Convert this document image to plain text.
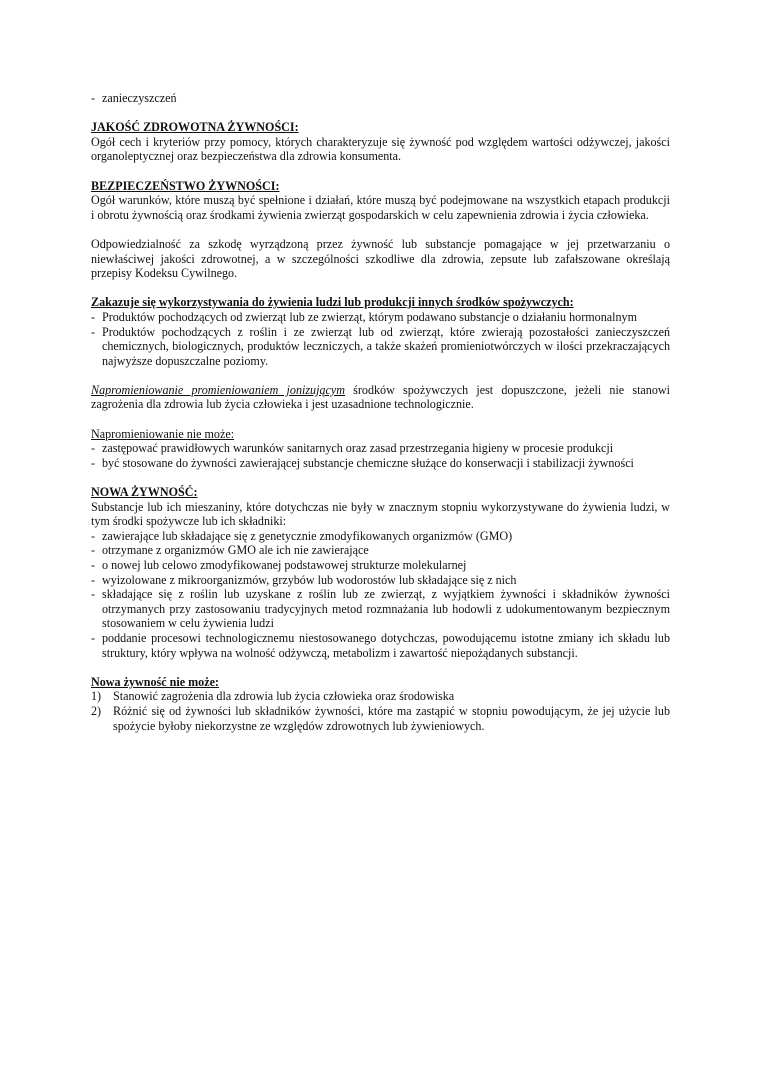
- zanieczyszczeń

JAKOŚĆ ZDROWOTNA ŻYWNOŚCI:

Ogół cech i kryteriów przy pomocy, których charakteryzuje się żywność pod względem wartości odżywczej, jakości organoleptycznej oraz bezpieczeństwa dla zdrowia konsumenta.

BEZPIECZEŃSTWO ŻYWNOŚCI:

Ogół warunków, które muszą być spełnione i działań, które muszą być podejmowane na wszystkich etapach produkcji i obrotu żywnością oraz środkami żywienia zwierząt gospodarskich w celu zapewnienia zdrowia i życia człowieka.

Odpowiedzialność za szkodę wyrządzoną przez żywność lub substancje pomagające w jej przetwarzaniu o niewłaściwej jakości zdrowotnej, a w szczególności szkodliwe dla zdrowia, zepsute lub zafałszowane określają przepisy Kodeksu Cywilnego.

Zakazuje się wykorzystywania do żywienia ludzi lub produkcji innych środków spożywczych:

- Produktów pochodzących od zwierząt lub ze zwierząt, którym podawano substancje o działaniu hormonalnym
- Produktów pochodzących z roślin i ze zwierząt lub od zwierząt, które zwierają pozostałości zanieczyszczeń chemicznych, biologicznych, produktów leczniczych, a także skażeń promieniotwórczych w ilości przekraczających najwyższe dopuszczalne poziomy.

Napromieniowanie promieniowaniem jonizującym środków spożywczych jest dopuszczone, jeżeli nie stanowi zagrożenia dla zdrowia lub życia człowieka i jest uzasadnione technologicznie.

Napromieniowanie nie może:

- zastępować prawidłowych warunków sanitarnych oraz zasad przestrzegania higieny w procesie produkcji
- być stosowane do żywności zawierającej substancje chemiczne służące do konserwacji i stabilizacji żywności

NOWA ŻYWNOŚĆ:

Substancje lub ich mieszaniny, które dotychczas nie były w znacznym stopniu wykorzystywane do żywienia ludzi, w tym środki spożywcze lub ich składniki:

- zawierające lub składające się z genetycznie zmodyfikowanych organizmów (GMO)
- otrzymane z organizmów GMO ale ich nie zawierające
- o nowej lub celowo zmodyfikowanej podstawowej strukturze molekularnej
- wyizolowane z mikroorganizmów, grzybów lub wodorostów lub składające się z nich
- składające się z roślin lub uzyskane z roślin lub ze zwierząt, z wyjątkiem żywności i składników żywności otrzymanych przy zastosowaniu tradycyjnych metod rozmnażania lub hodowli z udokumentowanym bezpiecznym stosowaniem w celu żywienia ludzi
- poddanie procesowi technologicznemu niestosowanego dotychczas, powodującemu istotne zmiany ich składu lub struktury, który wpływa na wolność odżywczą, metabolizm i zawartość niepożądanych substancji.

Nowa żywność nie może:

1) Stanowić zagrożenia dla zdrowia lub życia człowieka oraz środowiska
2) Różnić się od żywności lub składników żywności, które ma zastąpić w stopniu powodującym, że jej użycie lub spożycie byłoby niekorzystne ze względów zdrowotnych lub żywieniowych.
